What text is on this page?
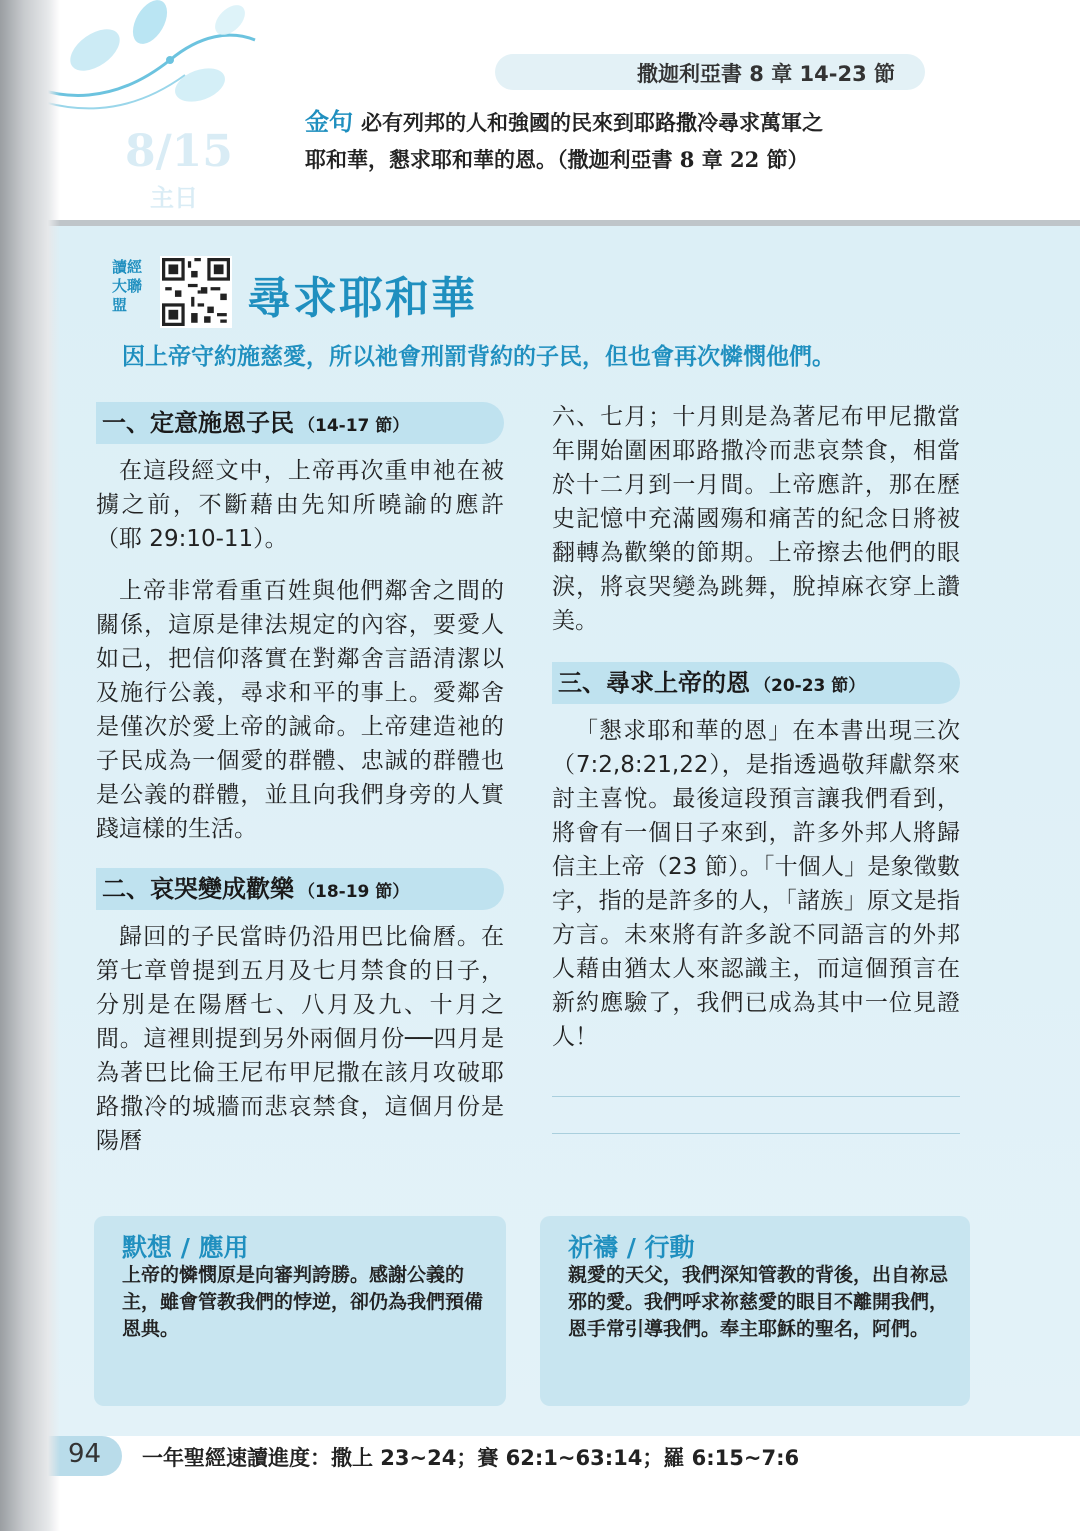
8/15
主日
撒迦利亞書 8 章 14-23 節
金句 必有列邦的人和強國的民來到耶路撒冷尋求萬軍之
耶和華，懇求耶和華的恩。（撒迦利亞書 8 章 22 節）
讀經大聯盟	尋求耶和華
因上帝守約施慈愛，所以祂會刑罰背約的子民，但也會再次憐憫他們。
一、定意施恩子民 （14-17 節）

在這段經文中，上帝再次重申祂在被擄之前，不斷藉由先知所曉諭的應許（耶 29:10-11）。

上帝非常看重百姓與他們鄰舍之間的關係，這原是律法規定的內容，要愛人如己，把信仰落實在對鄰舍言語清潔以及施行公義，尋求和平的事上。愛鄰舍是僅次於愛上帝的誡命。上帝建造祂的子民成為一個愛的群體、忠誠的群體也是公義的群體，並且向我們身旁的人實踐這樣的生活。

二、哀哭變成歡樂 （18-19 節）

歸回的子民當時仍沿用巴比倫曆。在第七章曾提到五月及七月禁食的日子，分別是在陽曆七、八月及九、十月之間。這裡則提到另外兩個月份──四月是為著巴比倫王尼布甲尼撒在該月攻破耶路撒冷的城牆而悲哀禁食，這個月份是陽曆

六、七月；十月則是為著尼布甲尼撒當年開始圍困耶路撒冷而悲哀禁食，相當於十二月到一月間。上帝應許，那在歷史記憶中充滿國殤和痛苦的紀念日將被翻轉為歡樂的節期。上帝擦去他們的眼淚，將哀哭變為跳舞，脫掉麻衣穿上讚美。

三、尋求上帝的恩 （20-23 節）

「懇求耶和華的恩」在本書出現三次（7:2,8:21,22），是指透過敬拜獻祭來討主喜悅。最後這段預言讓我們看到，將會有一個日子來到，許多外邦人將歸信主上帝（23 節）。「十個人」是象徵數字，指的是許多的人，「諸族」原文是指方言。未來將有許多說不同語言的外邦人藉由猶太人來認識主，而這個預言在新約應驗了，我們已成為其中一位見證人！

默想 / 應用

上帝的憐憫原是向審判誇勝。感謝公義的主，雖會管教我們的悖逆，卻仍為我們預備恩典。

祈禱 / 行動

親愛的天父，我們深知管教的背後，出自祢忌邪的愛。我們呼求祢慈愛的眼目不離開我們，恩手常引導我們。奉主耶穌的聖名，阿們。

94 一年聖經速讀進度：撒上 23~24；賽 62:1~63:14；羅 6:15~7:6
